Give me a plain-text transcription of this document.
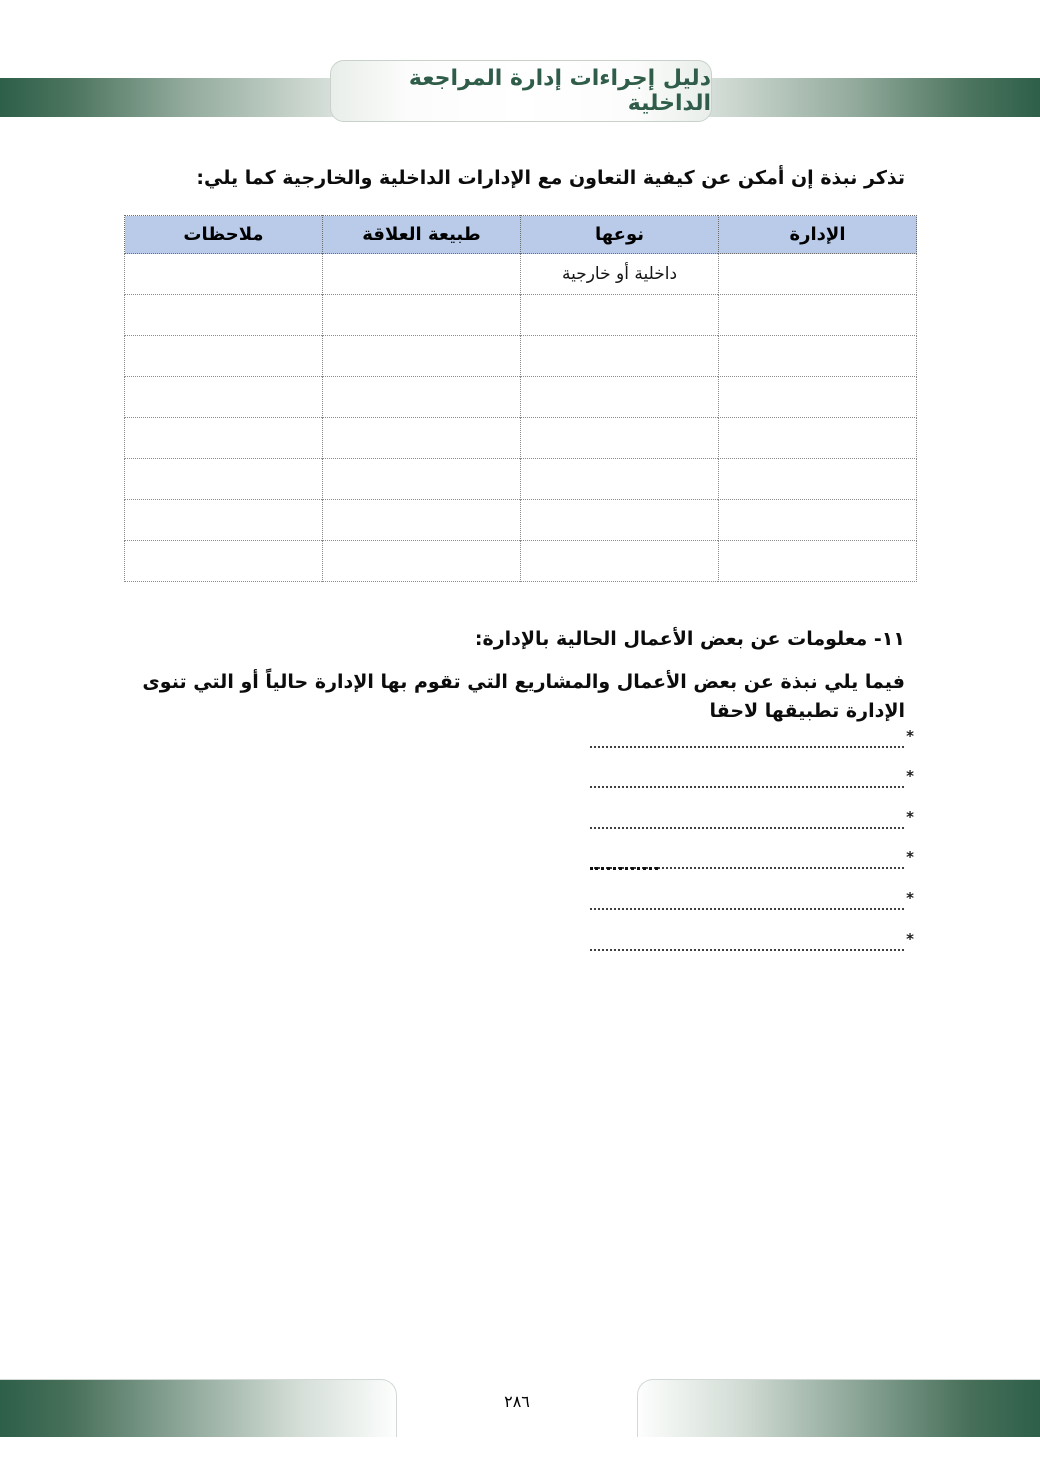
دليل إجراءات إدارة المراجعة الداخلية

تذكر نبذة إن أمكن عن كيفية التعاون مع الإدارات الداخلية والخارجية كما يلي:

الإدارة	نوعها	طبيعة العلاقة	ملاحظات
	داخلية أو خارجية		

١١- معلومات عن بعض الأعمال الحالية بالإدارة:

فيما يلي نبذة عن بعض الأعمال والمشاريع التي تقوم بها الإدارة حالياً أو التي تنوى الإدارة تطبيقها لاحقا

*
*
*
*
*
*
٢٨٦
